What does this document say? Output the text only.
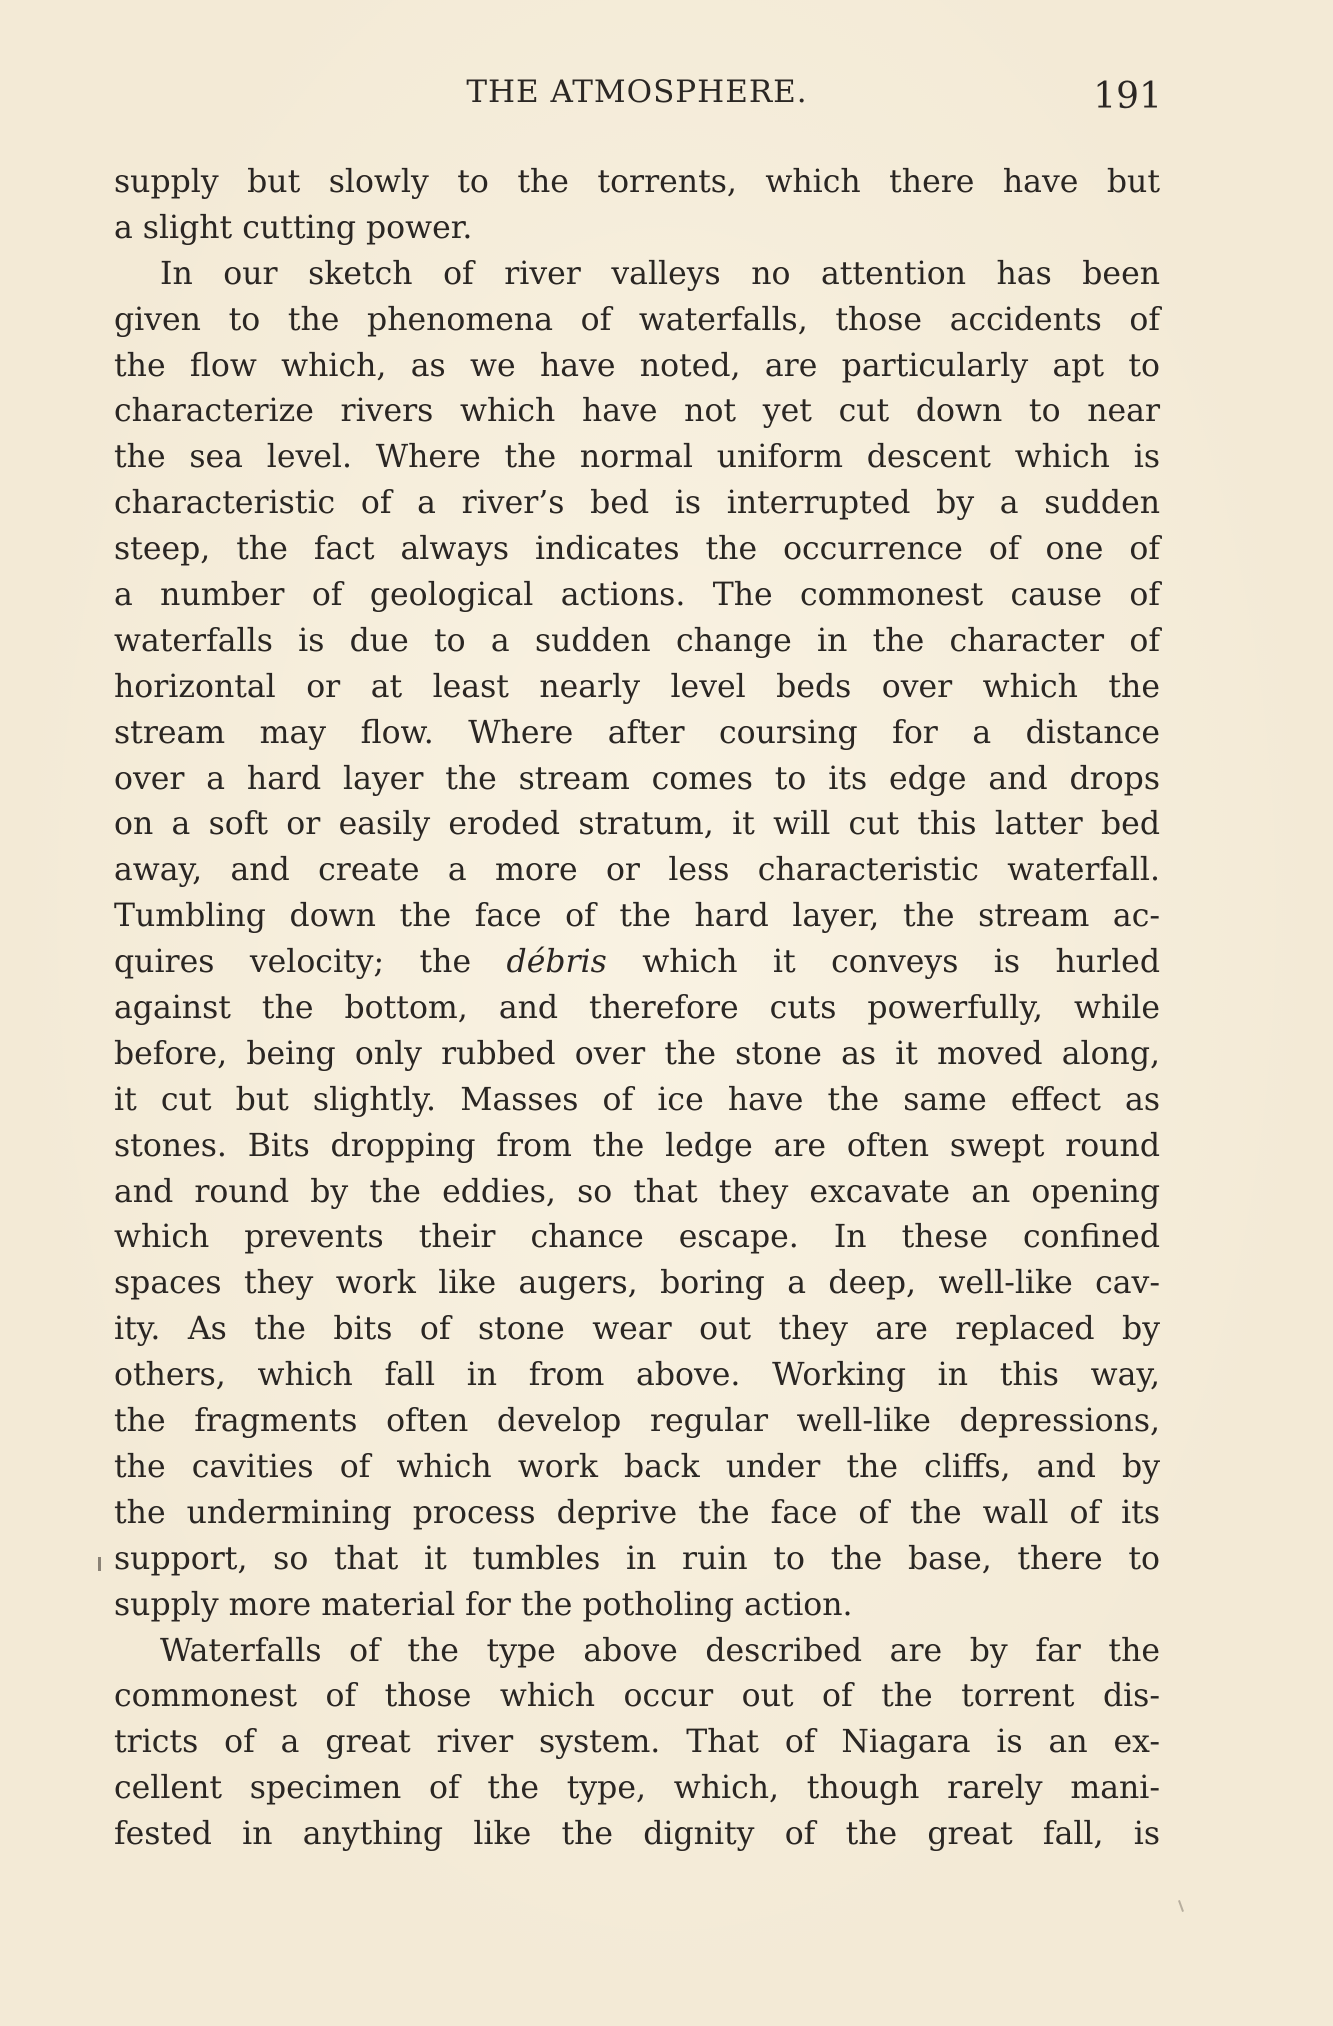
THE ATMOSPHERE.	191
supply but slowly to the torrents, which there have but
a slight cutting power.
In our sketch of river valleys no attention has been
given to the phenomena of waterfalls, those accidents of
the flow which, as we have noted, are particularly apt to
characterize rivers which have not yet cut down to near
the sea level. Where the normal uniform descent which is
characteristic of a river’s bed is interrupted by a sudden
steep, the fact always indicates the occurrence of one of
a number of geological actions. The commonest cause of
waterfalls is due to a sudden change in the character of
horizontal or at least nearly level beds over which the
stream may flow. Where after coursing for a distance
over a hard layer the stream comes to its edge and drops
on a soft or easily eroded stratum, it will cut this latter bed
away, and create a more or less characteristic waterfall.
Tumbling down the face of the hard layer, the stream ac-
quires velocity; the débris which it conveys is hurled
against the bottom, and therefore cuts powerfully, while
before, being only rubbed over the stone as it moved along,
it cut but slightly. Masses of ice have the same effect as
stones. Bits dropping from the ledge are often swept round
and round by the eddies, so that they excavate an opening
which prevents their chance escape. In these confined
spaces they work like augers, boring a deep, well-like cav-
ity. As the bits of stone wear out they are replaced by
others, which fall in from above. Working in this way,
the fragments often develop regular well-like depressions,
the cavities of which work back under the cliffs, and by
the undermining process deprive the face of the wall of its
support, so that it tumbles in ruin to the base, there to
supply more material for the potholing action.
Waterfalls of the type above described are by far the
commonest of those which occur out of the torrent dis-
tricts of a great river system. That of Niagara is an ex-
cellent specimen of the type, which, though rarely mani-
fested in anything like the dignity of the great fall, is
